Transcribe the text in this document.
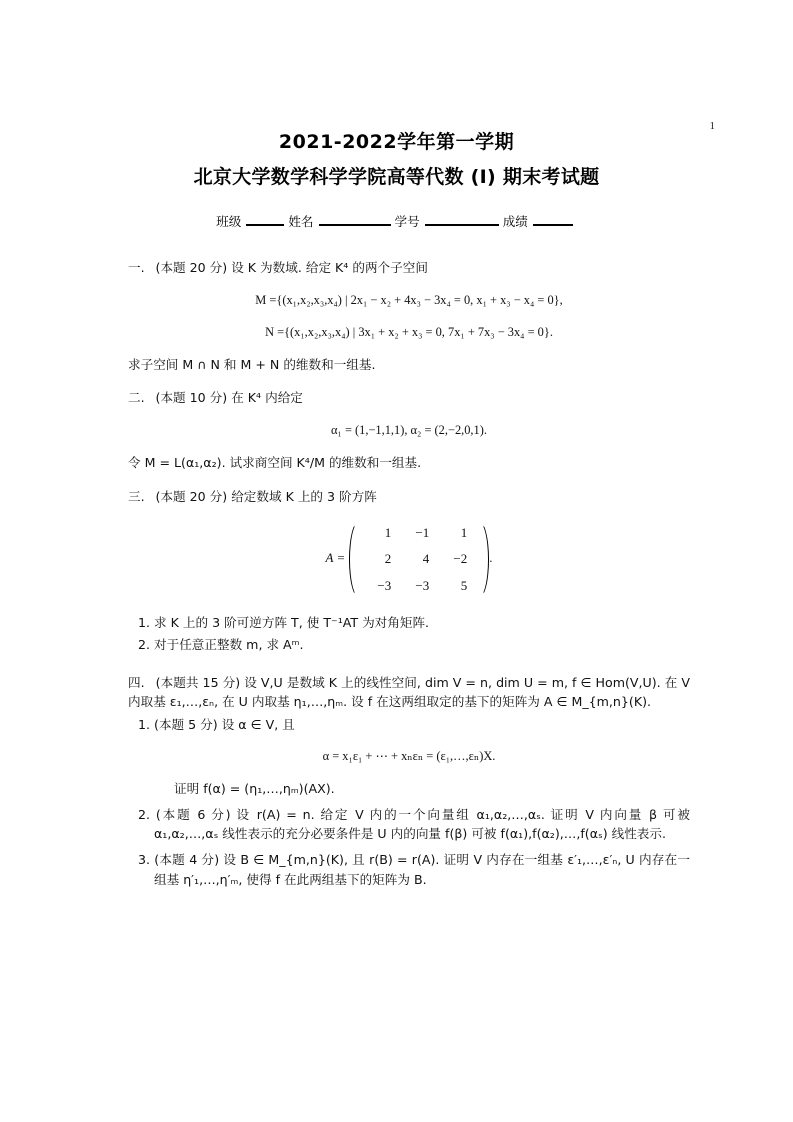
1
2021-2022学年第一学期
北京大学数学科学学院高等代数 (I) 期末考试题
班级	姓名	学号	成绩
一. (本题 20 分) 设 K 为数域. 给定 K⁴ 的两个子空间
M ={(x₁,x₂,x₃,x₄) | 2x₁ − x₂ + 4x₃ − 3x₄ = 0, x₁ + x₃ − x₄ = 0},
N ={(x₁,x₂,x₃,x₄) | 3x₁ + x₂ + x₃ = 0, 7x₁ + 7x₃ − 3x₄ = 0}.
求子空间 M ∩ N 和 M + N 的维数和一组基.
二. (本题 10 分) 在 K⁴ 内给定
α₁ = (1,−1,1,1), α₂ = (2,−2,0,1).
令 M = L(α₁,α₂). 试求商空间 K⁴/M 的维数和一组基.
三. (本题 20 分) 给定数域 K 上的 3 阶方阵
A =
1	−1	1
2	4	−2
−3	−3	5
.
1. 求 K 上的 3 阶可逆方阵 T, 使 T⁻¹AT 为对角矩阵.
2. 对于任意正整数 m, 求 Aᵐ.
四. (本题共 15 分) 设 V,U 是数域 K 上的线性空间, dim V = n, dim U = m, f ∈ Hom(V,U). 在 V 内取基 ε₁,…,εₙ, 在 U 内取基 η₁,…,ηₘ. 设 f 在这两组取定的基下的矩阵为 A ∈ M_{m,n}(K).
1. (本题 5 分) 设 α ∈ V, 且
α = x₁ε₁ + ⋯ + xₙεₙ = (ε₁,…,εₙ)X.
证明 f(α) = (η₁,…,ηₘ)(AX).
2. (本题 6 分) 设 r(A) = n. 给定 V 内的一个向量组 α₁,α₂,…,αₛ. 证明 V 内向量 β 可被 α₁,α₂,…,αₛ 线性表示的充分必要条件是 U 内的向量 f(β) 可被 f(α₁),f(α₂),…,f(αₛ) 线性表示.
3. (本题 4 分) 设 B ∈ M_{m,n}(K), 且 r(B) = r(A). 证明 V 内存在一组基 ε′₁,…,ε′ₙ, U 内存在一组基 η′₁,…,η′ₘ, 使得 f 在此两组基下的矩阵为 B.
